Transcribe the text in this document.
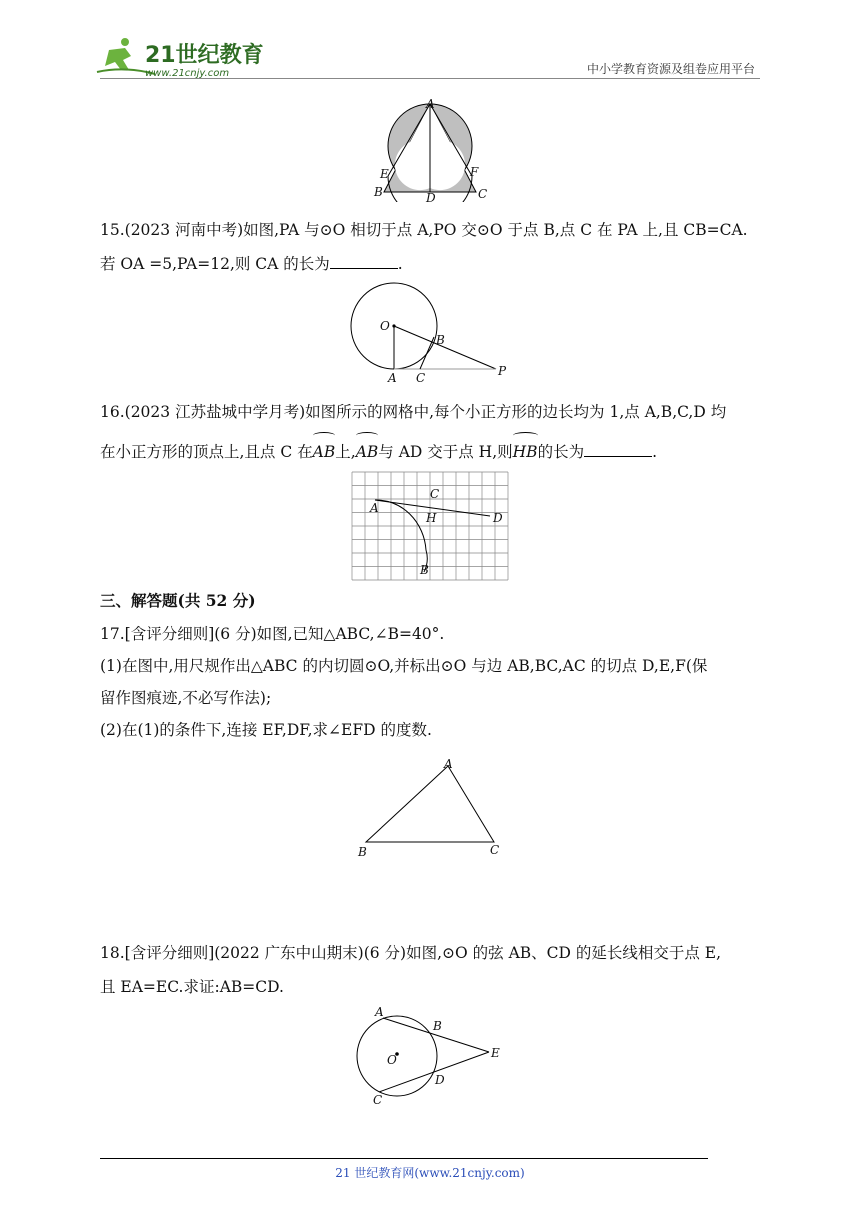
21世纪教育
www.21cnjy.com	中小学教育资源及组卷应用平台
A
B	C
D
E	F
15.(2023 河南中考)如图,PA 与⊙O 相切于点 A,PO 交⊙O 于点 B,点 C 在 PA 上,且 CB=CA.
若 OA =5,PA=12,则 CA 的长为	.
O
A
B
C	P
16.(2023 江苏盐城中学月考)如图所示的网格中,每个小正方形的边长均为 1,点 A,B,C,D 均
在小正方形的顶点上,且点 C 在AB上,AB与 AD 交于点 H,则HB的长为	.
A
B
C
D
H
三、解答题(共 52 分)
17.[含评分细则](6 分)如图,已知△ABC,∠B=40°.
(1)在图中,用尺规作出△ABC 的内切圆⊙O,并标出⊙O 与边 AB,BC,AC 的切点 D,E,F(保
留作图痕迹,不必写作法);
(2)在(1)的条件下,连接 EF,DF,求∠EFD 的度数.
A
B	C
18.[含评分细则](2022 广东中山期末)(6 分)如图,⊙O 的弦 AB、CD 的延长线相交于点 E,
且 EA=EC.求证:AB=CD.
A
B
C
D
E
O
21 世纪教育网(www.21cnjy.com)
